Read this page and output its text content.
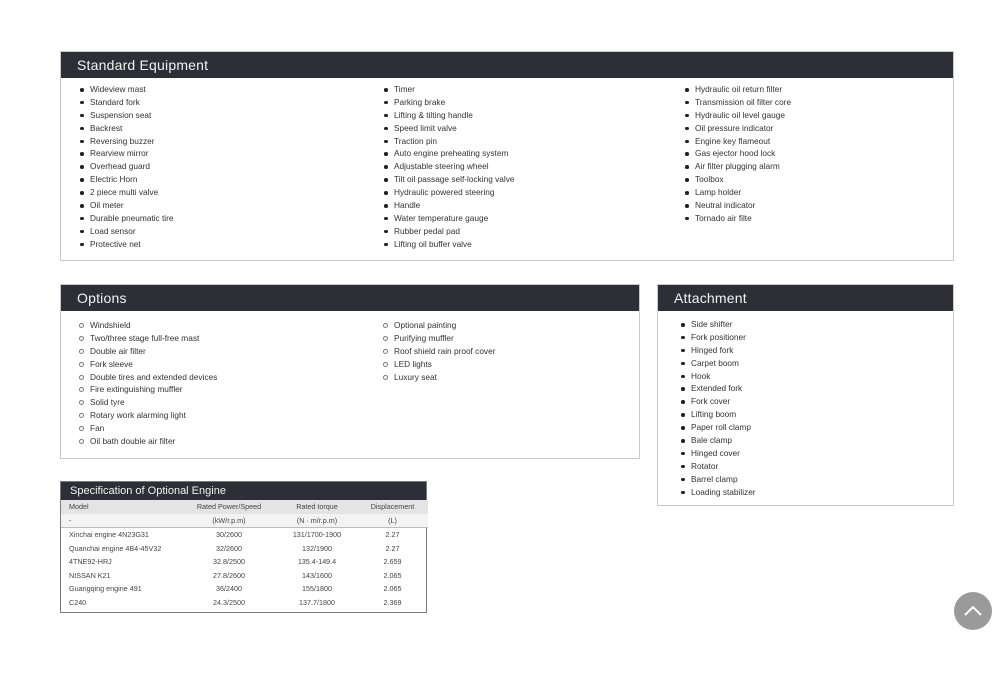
Standard Equipment
Wideview mast
Standard fork
Suspension seat
Backrest
Reversing buzzer
Rearview mirror
Overhead guard
Electric Horn
2 piece multi valve
Oil meter
Durable pneumatic tire
Load sensor
Protective net
Timer
Parking brake
Lifting & tilting handle
Speed limit valve
Traction pin
Auto engine preheating system
Adjustable steering wheel
Tilt oil passage self-locking valve
Hydraulic powered steering
Handle
Water temperature gauge
Rubber pedal pad
Lifting oil buffer valve
Hydraulic oil return filter
Transmission oil filter core
Hydraulic oil level gauge
Oil pressure indicator
Engine key flameout
Gas ejector hood lock
Air filter plugging alarm
Toolbox
Lamp holder
Neutral indicator
Tornado air filte
Options
Windshield
Two/three stage full-free mast
Double air filter
Fork sleeve
Double tires and extended devices
Fire extinguishing muffler
Solid tyre
Rotary work alarming light
Fan
Oil bath double air filter
Optional painting
Purifying muffler
Roof shield rain proof cover
LED lights
Luxury seat
Attachment
Side shifter
Fork positioner
Hinged fork
Carpet boom
Hook
Extended fork
Fork cover
Lifting boom
Paper roll clamp
Bale clamp
Hinged cover
Rotator
Barrel clamp
Loading stabilizer
Specification of Optional Engine
Model	Rated Power/Speed	Rated torque	Displacement
-	(kW/r.p.m)	(N · m/r.p.m)	(L)
Xinchai engine 4N23G31	30/2600	131/1700-1900	2.27
Quanchai engine 4B4-45V32	32/2600	132/1900	2.27
4TNE92-HRJ	32.8/2500	135.4-149.4	2.659
NISSAN K21	27.8/2600	143/1600	2.065
Guangqing engine 491	36/2400	155/1800	2.065
C240	24.3/2500	137.7/1800	2.369
